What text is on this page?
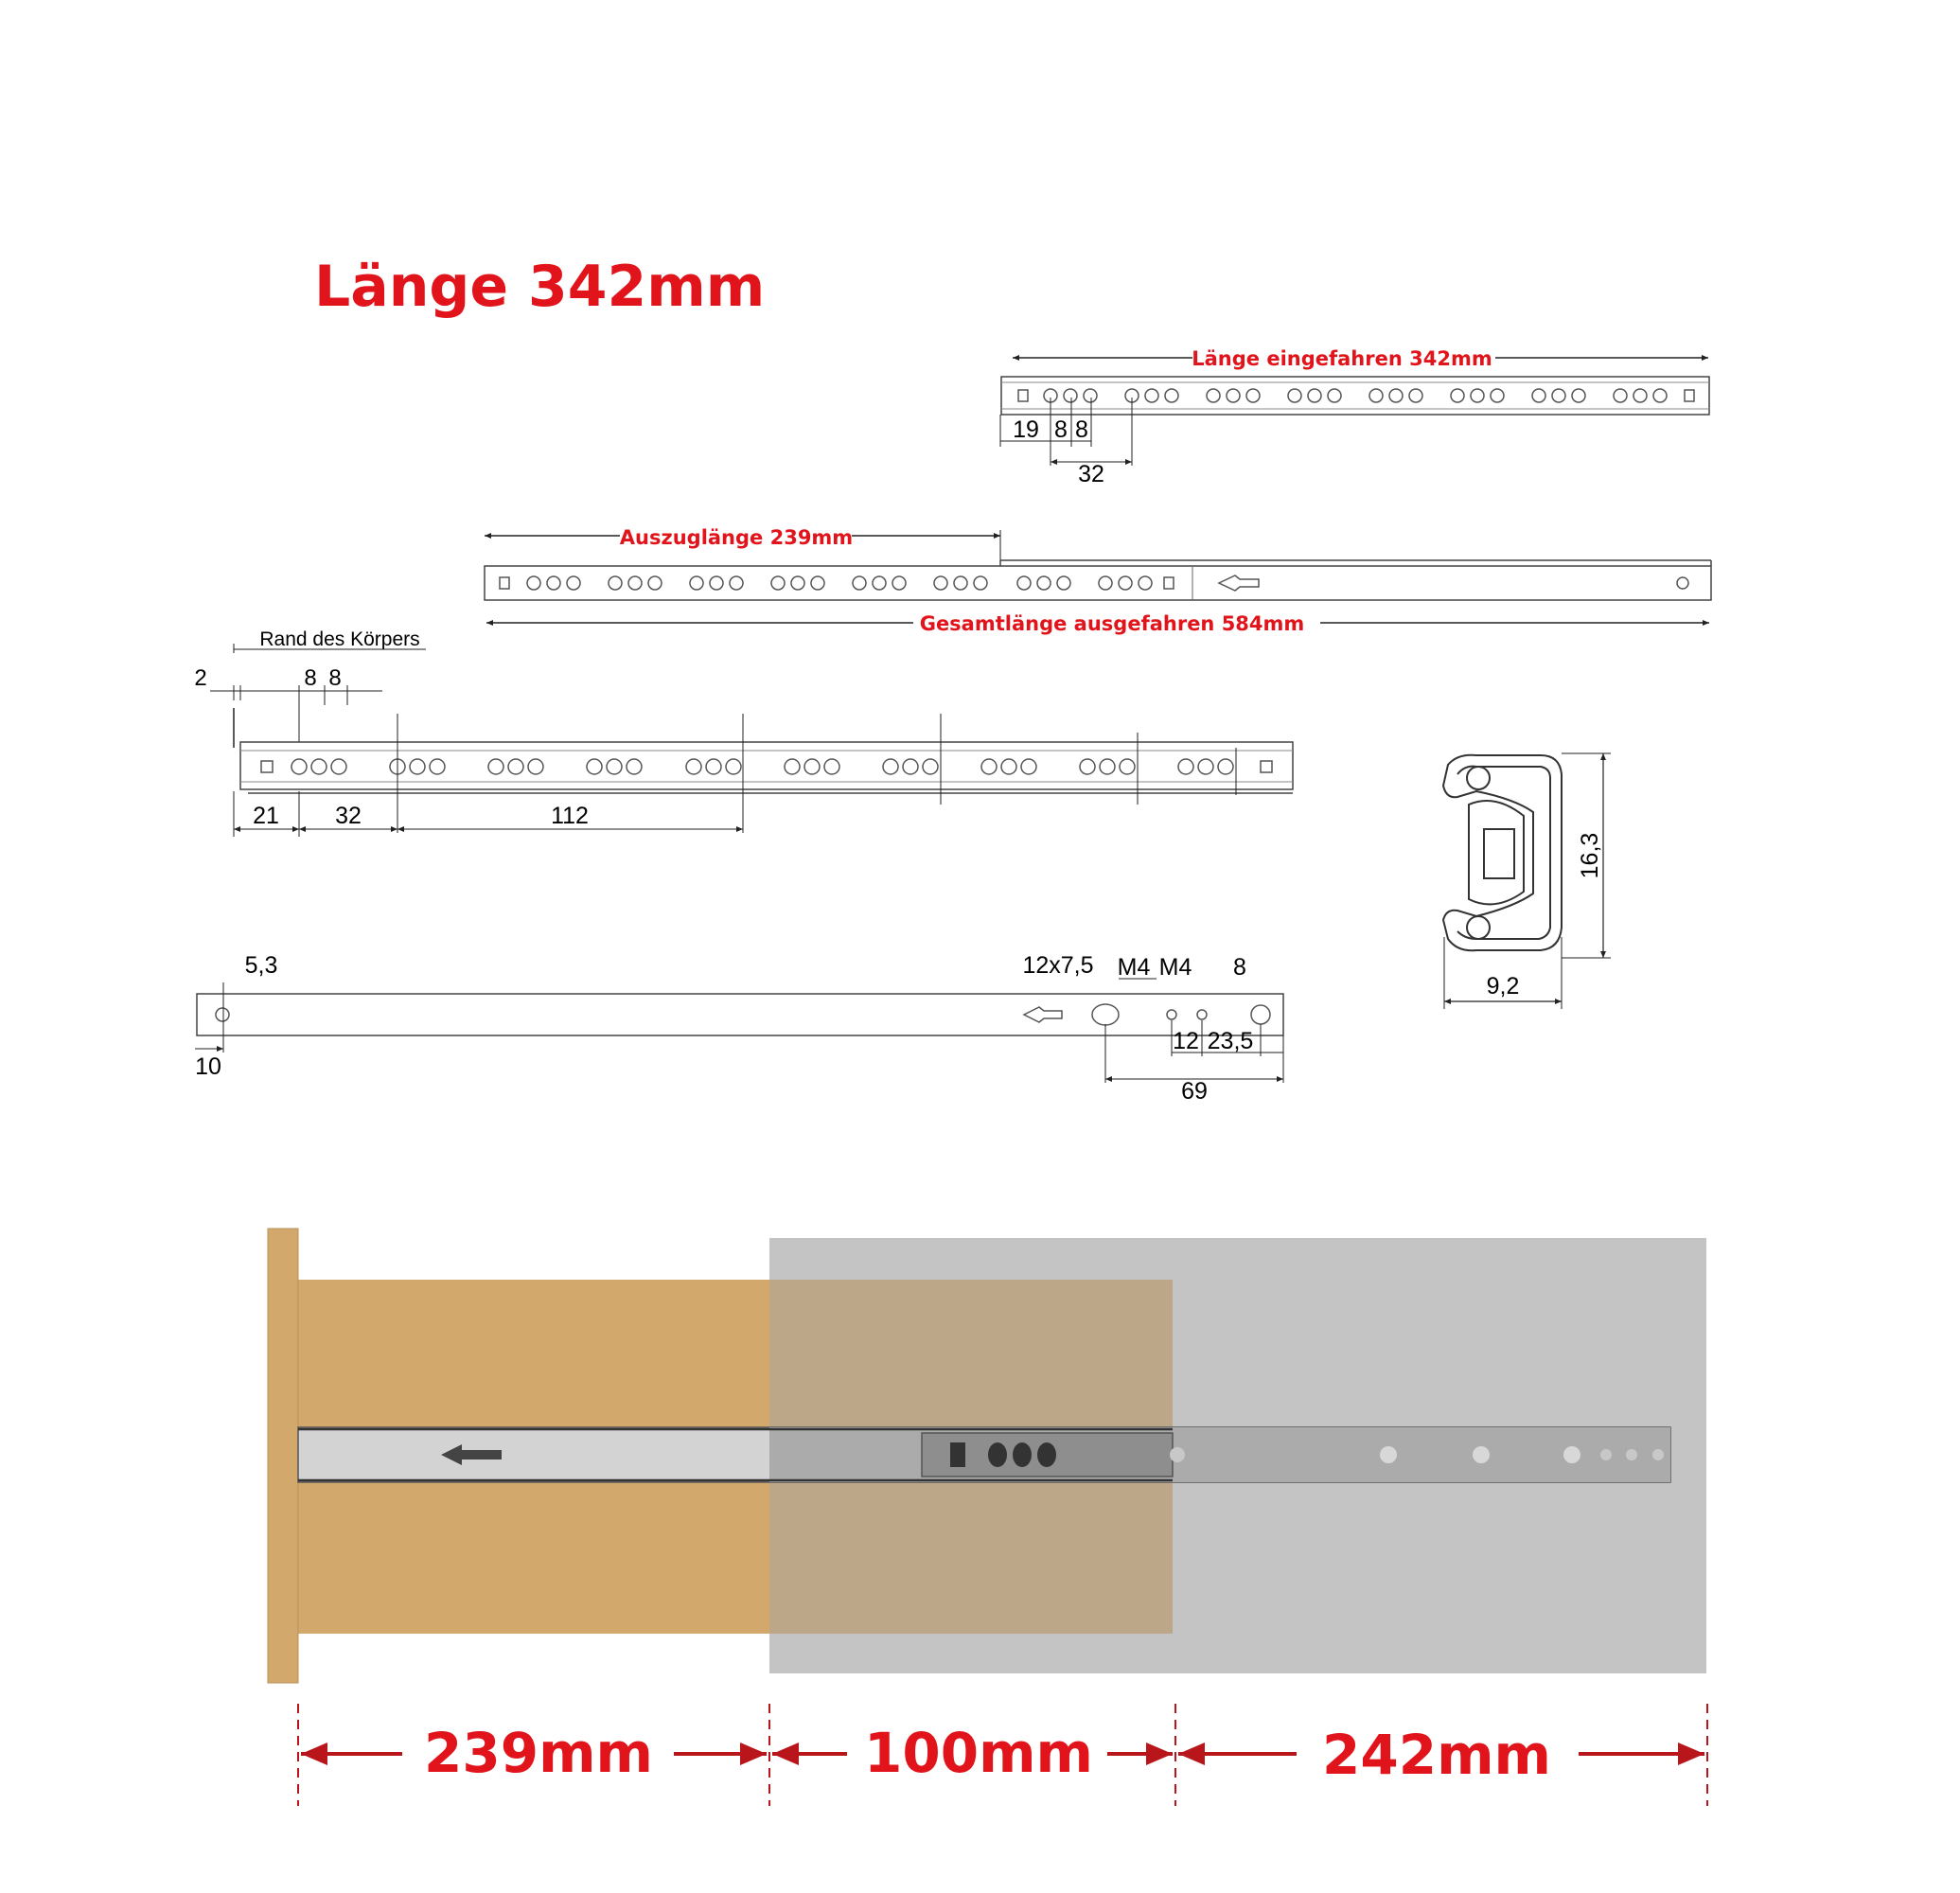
Länge 342mm
Länge eingefahren 342mm
19 8 8
32
Auszuglänge 239mm
Gesamtlänge ausgefahren 584mm
Rand des Körpers
2	8 8
21 32	112
5,3
10
12x7,5 M4 M4 8
12 23,5
69
16,3
9,2
239mm	100mm	242mm
